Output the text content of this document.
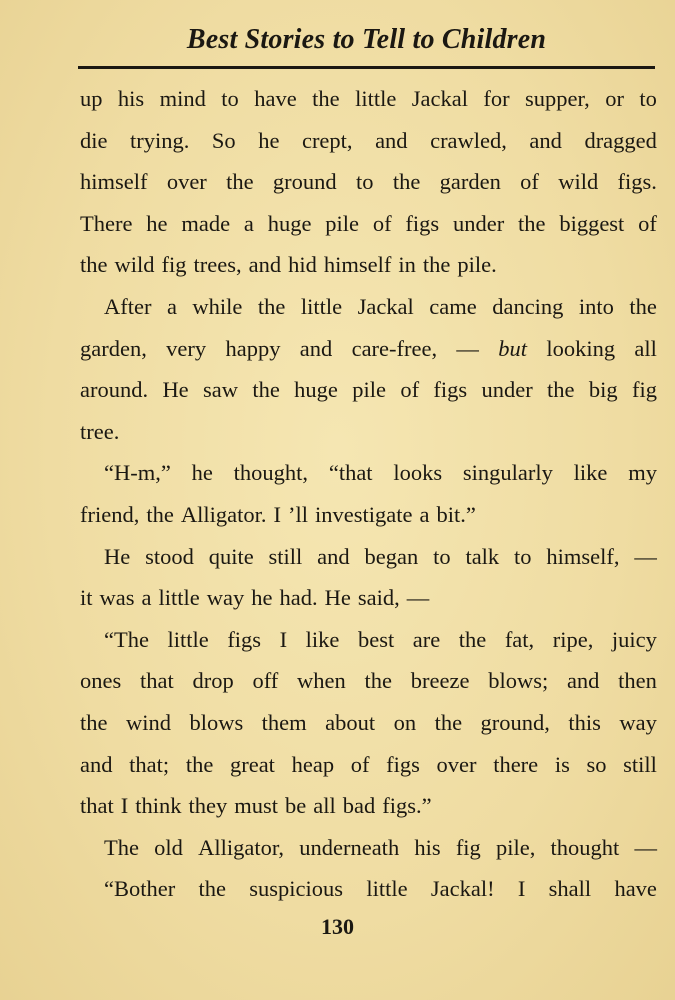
Best Stories to Tell to Children
up his mind to have the little Jackal for supper, or to
die trying. So he crept, and crawled, and dragged
himself over the ground to the garden of wild figs.
There he made a huge pile of figs under the biggest of
the wild fig trees, and hid himself in the pile.
After a while the little Jackal came dancing into the
garden, very happy and care-free, — but looking all
around. He saw the huge pile of figs under the big fig
tree.
“H-m,” he thought, “that looks singularly like my
friend, the Alligator. I ’ll investigate a bit.”
He stood quite still and began to talk to himself, —
it was a little way he had. He said, —
“The little figs I like best are the fat, ripe, juicy
ones that drop off when the breeze blows; and then
the wind blows them about on the ground, this way
and that; the great heap of figs over there is so still
that I think they must be all bad figs.”
The old Alligator, underneath his fig pile, thought —
“Bother the suspicious little Jackal! I shall have
130
